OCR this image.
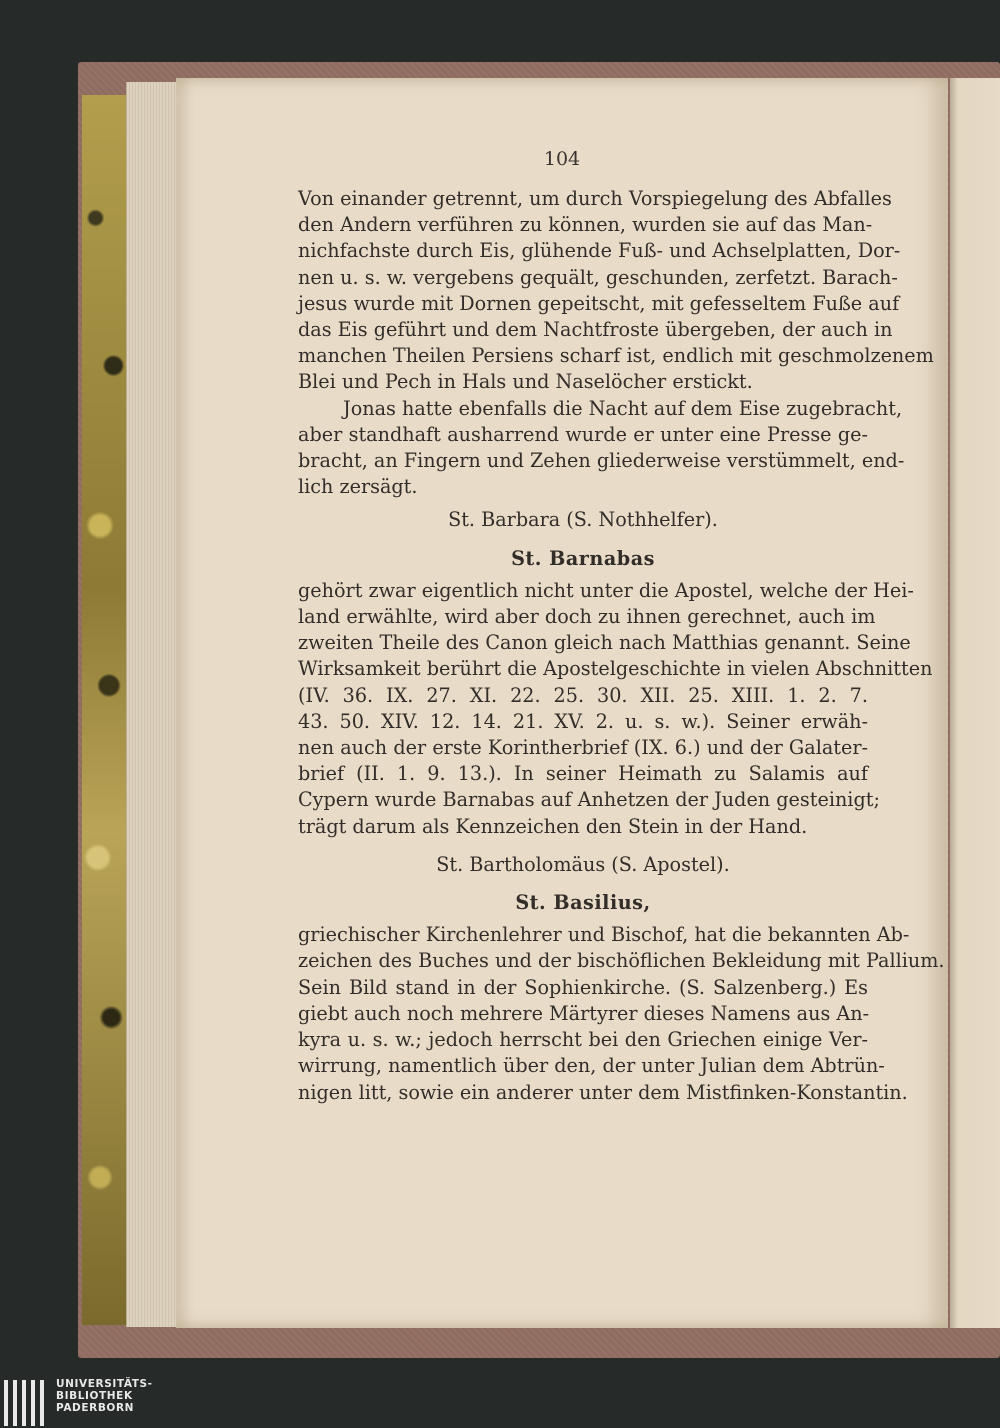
104
Von einander getrennt, um durch Vorspiegelung des Abfalles
den Andern verführen zu können, wurden sie auf das Man-
nichfachste durch Eis, glühende Fuß- und Achselplatten, Dor-
nen u. s. w. vergebens gequält, geschunden, zerfetzt. Barach-
jesus wurde mit Dornen gepeitscht, mit gefesseltem Fuße auf
das Eis geführt und dem Nachtfroste übergeben, der auch in
manchen Theilen Persiens scharf ist, endlich mit geschmolzenem
Blei und Pech in Hals und Naselöcher erstickt.
Jonas hatte ebenfalls die Nacht auf dem Eise zugebracht,
aber standhaft ausharrend wurde er unter eine Presse ge-
bracht, an Fingern und Zehen gliederweise verstümmelt, end-
lich zersägt.
St. Barbara (S. Nothhelfer).
St. Barnabas
gehört zwar eigentlich nicht unter die Apostel, welche der Hei-
land erwählte, wird aber doch zu ihnen gerechnet, auch im
zweiten Theile des Canon gleich nach Matthias genannt. Seine
Wirksamkeit berührt die Apostelgeschichte in vielen Abschnitten
(IV. 36. IX. 27. XI. 22. 25. 30. XII. 25. XIII. 1. 2. 7.
43. 50. XIV. 12. 14. 21. XV. 2. u. s. w.). Seiner erwäh-
nen auch der erste Korintherbrief (IX. 6.) und der Galater-
brief (II. 1. 9. 13.). In seiner Heimath zu Salamis auf
Cypern wurde Barnabas auf Anhetzen der Juden gesteinigt;
trägt darum als Kennzeichen den Stein in der Hand.
St. Bartholomäus (S. Apostel).
St. Basilius,
griechischer Kirchenlehrer und Bischof, hat die bekannten Ab-
zeichen des Buches und der bischöflichen Bekleidung mit Pallium.
Sein Bild stand in der Sophienkirche. (S. Salzenberg.) Es
giebt auch noch mehrere Märtyrer dieses Namens aus An-
kyra u. s. w.; jedoch herrscht bei den Griechen einige Ver-
wirrung, namentlich über den, der unter Julian dem Abtrün-
nigen litt, sowie ein anderer unter dem Mistfinken-Konstantin.
UNIVERSITÄTS-
BIBLIOTHEK
PADERBORN
